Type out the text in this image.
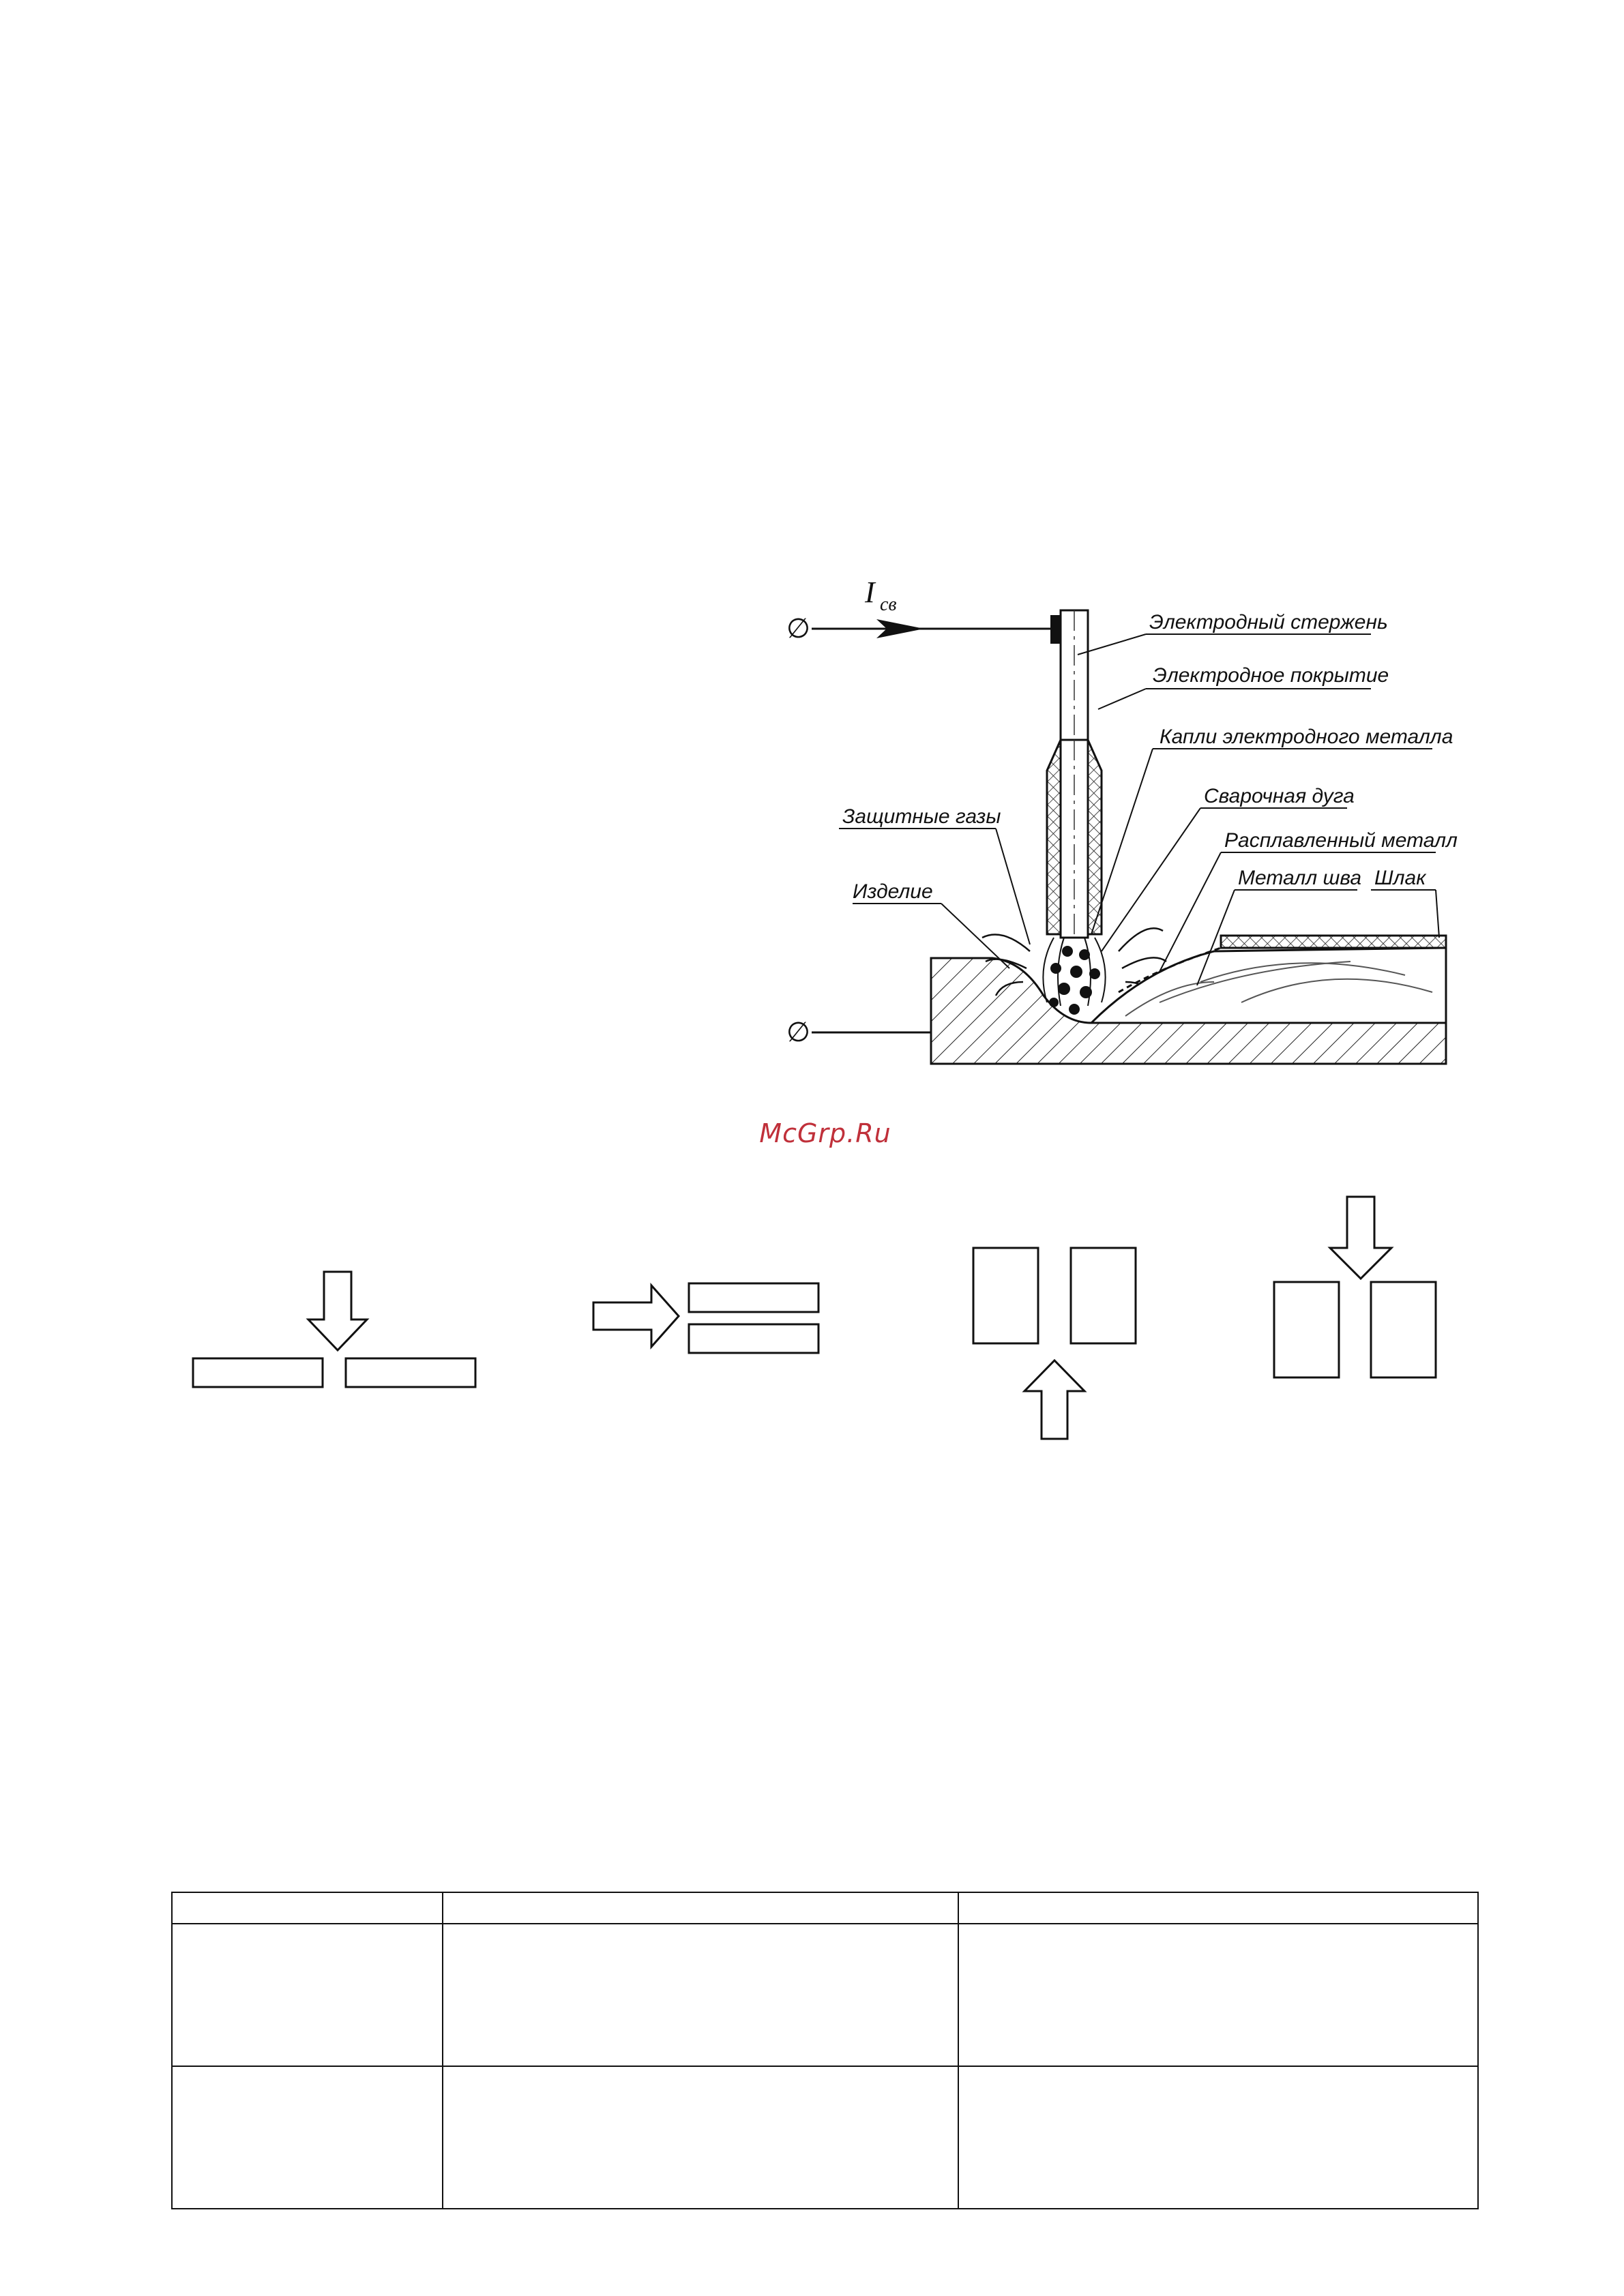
∅
I св
∅
Электродный стержень
Электродное покрытие
Капли электродного металла
Сварочная дуга
Защитные газы
Расплавленный металл
Изделие
Металл шва Шлак
McGrp.Ru
